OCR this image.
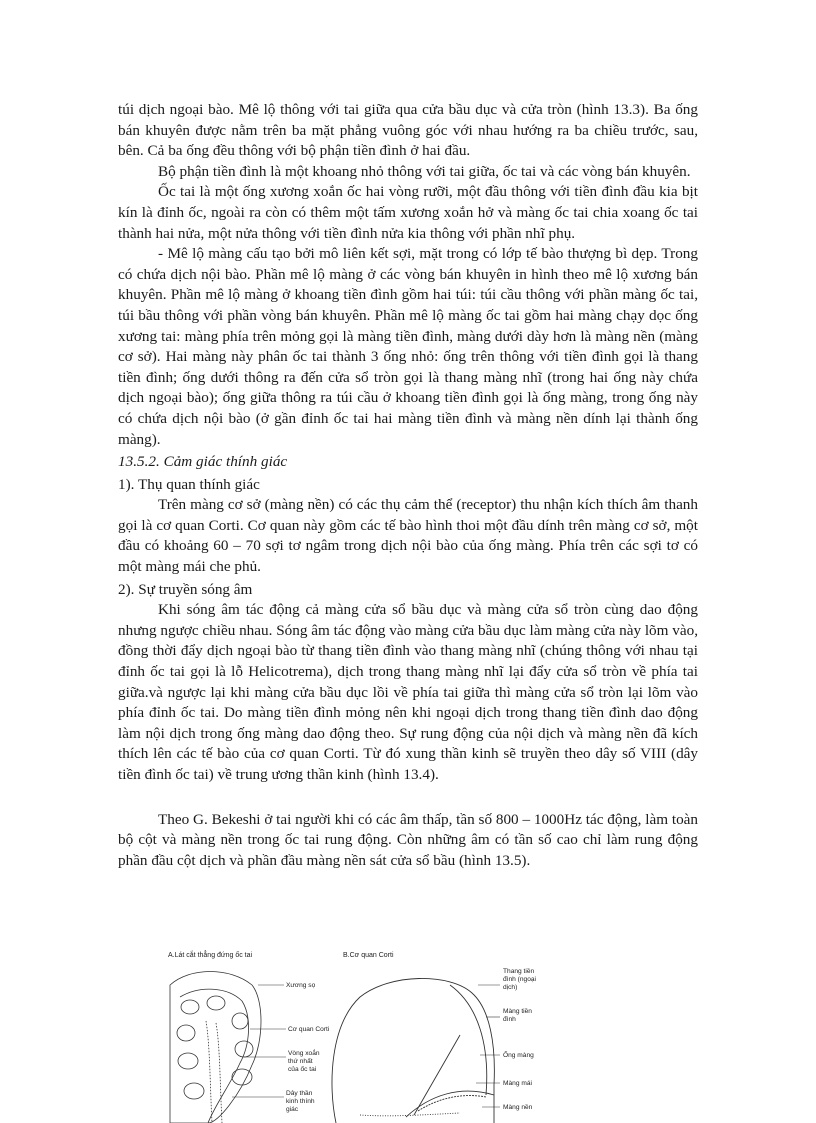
túi dịch ngoại bào. Mê lộ thông với tai giữa qua cửa bầu dục và cửa tròn (hình 13.3). Ba ống bán khuyên được nằm trên ba mặt phẳng vuông góc với nhau hướng ra ba chiều trước, sau, bên. Cả ba ống đều thông với bộ phận tiền đình ở hai đầu.

Bộ phận tiền đình là một khoang nhỏ thông với tai giữa, ốc tai và các vòng bán khuyên.

Ốc tai là một ống xương xoắn ốc hai vòng rưỡi, một đầu thông với tiền đình đầu kia bịt kín là đỉnh ốc, ngoài ra còn có thêm một tấm xương xoắn hở và màng ốc tai chia xoang ốc tai thành hai nửa, một nửa thông với tiền đình nửa kia thông với phần nhĩ phụ.

- Mê lộ màng cấu tạo bởi mô liên kết sợi, mặt trong có lớp tế bào thượng bì dẹp. Trong có chứa dịch nội bào. Phần mê lộ màng ở các vòng bán khuyên in hình theo mê lộ xương bán khuyên. Phần mê lộ màng ở khoang tiền đình gồm hai túi: túi cầu thông với phần màng ốc tai, túi bầu thông với phần vòng bán khuyên. Phần mê lộ màng ốc tai gồm hai màng chạy dọc ống xương tai: màng phía trên mỏng gọi là màng tiền đình, màng dưới dày hơn là màng nền (màng cơ sở). Hai màng này phân ốc tai thành 3 ống nhỏ: ống trên thông với tiền đình gọi là thang tiền đình; ống dưới thông ra đến cửa sổ tròn gọi là thang màng nhĩ (trong hai ống này chứa dịch ngoại bào); ống giữa thông ra túi cầu ở khoang tiền đình gọi là ống màng, trong ống này có chứa dịch nội bào (ở gần đỉnh ốc tai hai màng tiền đình và màng nền dính lại thành ống màng).

13.5.2. Cảm giác thính giác

1). Thụ quan thính giác

Trên màng cơ sở (màng nền) có các thụ cảm thể (receptor) thu nhận kích thích âm thanh gọi là cơ quan Corti. Cơ quan này gồm các tế bào hình thoi một đầu dính trên màng cơ sở, một đầu có khoảng 60 – 70 sợi tơ ngâm trong dịch nội bào của ống màng. Phía trên các sợi tơ có một màng mái che phủ.

2). Sự truyền sóng âm

Khi sóng âm tác động cả màng cửa sổ bầu dục và màng cửa sổ tròn cùng dao động nhưng ngược chiều nhau. Sóng âm tác động vào màng cửa bầu dục làm màng cửa này lõm vào, đồng thời đẩy dịch ngoại bào từ thang tiền đình vào thang màng nhĩ (chúng thông với nhau tại đỉnh ốc tai gọi là lỗ Helicotrema), dịch trong thang màng nhĩ lại đẩy cửa sổ tròn về phía tai giữa.và ngược lại khi màng cửa bầu dục lồi về phía tai giữa thì màng cửa sổ tròn lại lõm vào phía đỉnh ốc tai. Do màng tiền đình mỏng nên khi ngoại dịch trong thang tiền đình dao động làm nội dịch trong ống màng dao động theo. Sự rung động của nội dịch và màng nền đã kích thích lên các tế bào của cơ quan Corti. Từ đó xung thần kinh sẽ truyền theo dây số VIII (dây tiền đình ốc tai) về trung ương thần kinh (hình 13.4).

Theo G. Bekeshi ở tai người khi có các âm thấp, tần số 800 – 1000Hz tác động, làm toàn bộ cột và màng nền trong ốc tai rung động. Còn những âm có tần số cao chỉ làm rung động phần đầu cột dịch và phần đầu màng nền sát cửa sổ bầu (hình 13.5).

A.Lát cắt thẳng đứng ốc tai
Xương sọ
Cơ quan Corti
Vòng xoắn
thứ nhất
của ốc tai
Dây thần
kinh thính
giác
B.Cơ quan Corti
Thang tiền
đình (ngoại
dịch)
Màng tiền
đình
Ống màng
Màng mái
Màng nền
